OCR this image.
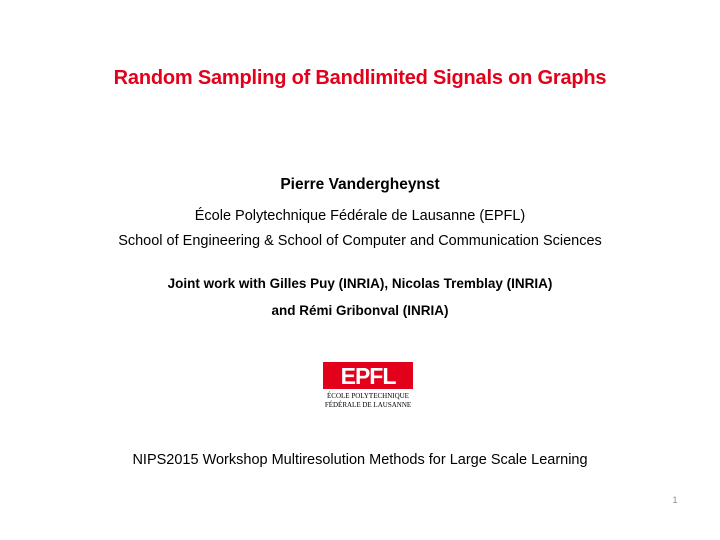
Random Sampling of Bandlimited Signals on Graphs
Pierre Vandergheynst
École Polytechnique Fédérale de Lausanne (EPFL)
School of Engineering & School of Computer and Communication Sciences
Joint work with Gilles Puy (INRIA), Nicolas Tremblay (INRIA)
and Rémi Gribonval (INRIA)
EPFL
ÉCOLE POLYTECHNIQUE
FÉDÉRALE DE LAUSANNE
NIPS2015 Workshop Multiresolution Methods for Large Scale Learning
1
